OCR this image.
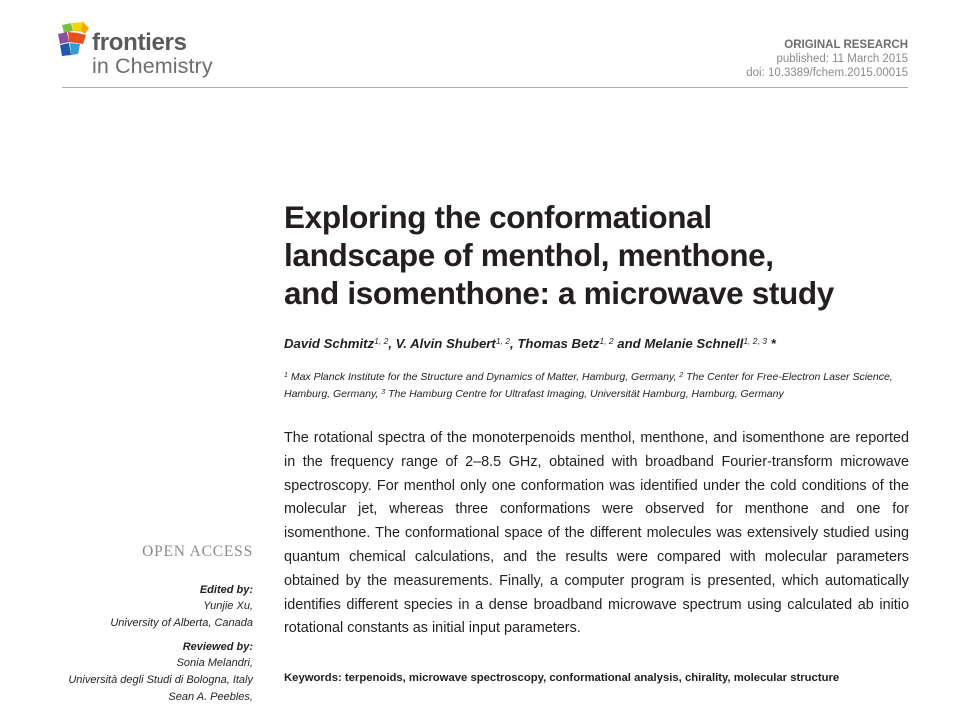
frontiers
in Chemistry
ORIGINAL RESEARCH
published: 11 March 2015
doi: 10.3389/fchem.2015.00015
Exploring the conformational
landscape of menthol, menthone,
and isomenthone: a microwave study
David Schmitz$^{1, 2}$, V. Alvin Shubert$^{1, 2}$, Thomas Betz$^{1, 2}$ and Melanie Schnell$^{1, 2, 3}$ *
$^1$ Max Planck Institute for the Structure and Dynamics of Matter, Hamburg, Germany, $^2$ The Center for Free-Electron Laser Science, Hamburg, Germany, $^3$ The Hamburg Centre for Ultrafast Imaging, Universität Hamburg, Hamburg, Germany

The rotational spectra of the monoterpenoids menthol, menthone, and isomenthone are reported in the frequency range of 2–8.5 GHz, obtained with broadband Fourier-transform microwave spectroscopy. For menthol only one conformation was identified under the cold conditions of the molecular jet, whereas three conformations were observed for menthone and one for isomenthone. The conformational space of the different molecules was extensively studied using quantum chemical calculations, and the results were compared with molecular parameters obtained by the measurements. Finally, a computer program is presented, which automatically identifies different species in a dense broadband microwave spectrum using calculated ab initio rotational constants as initial input parameters.

Keywords: terpenoids, microwave spectroscopy, conformational analysis, chirality, molecular structure
OPEN ACCESS
Edited by:
Yunjie Xu,
University of Alberta, Canada
Reviewed by:
Sonia Melandri,
Università degli Studi di Bologna, Italy
Sean A. Peebles,
